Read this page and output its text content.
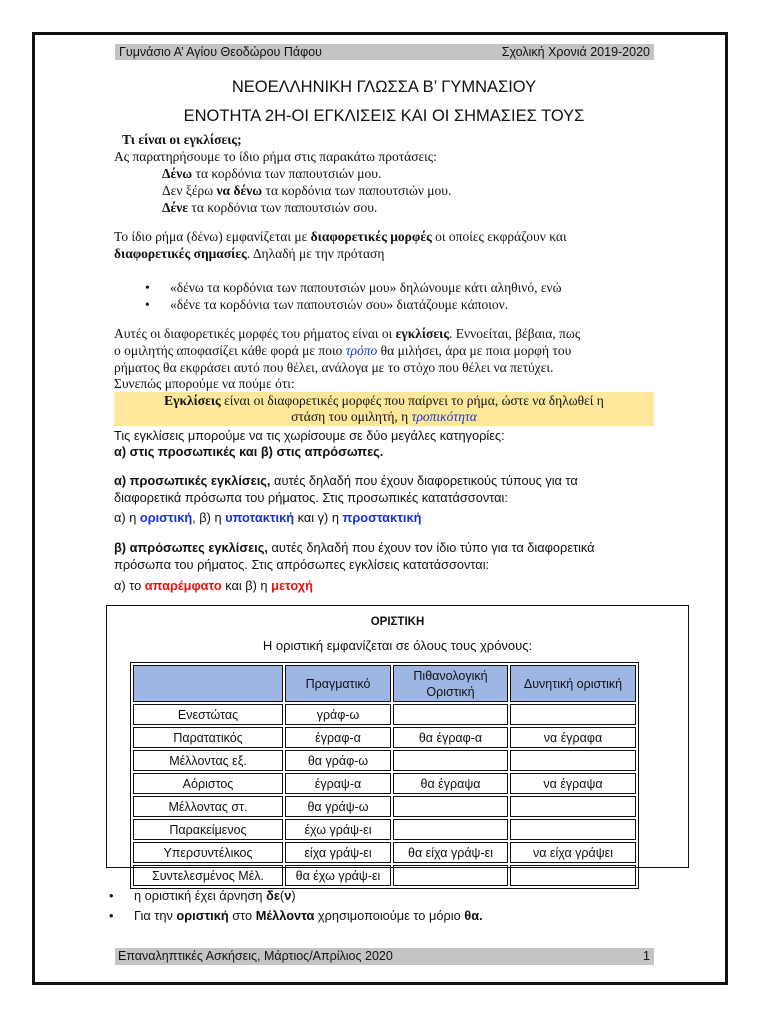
Γυμνάσιο Α’ Αγίου Θεοδώρου Πάφου	Σχολική Χρονιά 2019-2020
ΝΕΟΕΛΛΗΝΙΚΗ ΓΛΩΣΣΑ Β’ ΓΥΜΝΑΣΙΟΥ
ΕΝΟΤΗΤΑ 2Η-ΟΙ ΕΓΚΛΙΣΕΙΣ ΚΑΙ ΟΙ ΣΗΜΑΣΙΕΣ ΤΟΥΣ
Τι είναι οι εγκλίσεις;
Ας παρατηρήσουμε το ίδιο ρήμα στις παρακάτω προτάσεις:
Δένω τα κορδόνια των παπουτσιών μου.
Δεν ξέρω να δένω τα κορδόνια των παπουτσιών μου.
Δένε τα κορδόνια των παπουτσιών σου.
Το ίδιο ρήμα (δένω) εμφανίζεται με διαφορετικές μορφές οι οποίες εκφράζουν και
διαφορετικές σημασίες. Δηλαδή με την πρόταση
• «δένω τα κορδόνια των παπουτσιών μου» δηλώνουμε κάτι αληθινό, ενώ
• «δένε τα κορδόνια των παπουτσιών σου» διατάζουμε κάποιον.
Αυτές οι διαφορετικές μορφές του ρήματος είναι οι εγκλίσεις. Εννοείται, βέβαια, πως
ο ομιλητής αποφασίζει κάθε φορά με ποιο τρόπο θα μιλήσει, άρα με ποια μορφή του
ρήματος θα εκφράσει αυτό που θέλει, ανάλογα με το στόχο που θέλει να πετύχει.
Συνεπώς μπορούμε να πούμε ότι:
Εγκλίσεις είναι οι διαφορετικές μορφές που παίρνει το ρήμα, ώστε να δηλωθεί η
στάση του ομιλητή, η τροπικότητα
Τις εγκλίσεις μπορούμε να τις χωρίσουμε σε δύο μεγάλες κατηγορίες:
α) στις προσωπικές και β) στις απρόσωπες.
α) προσωπικές εγκλίσεις, αυτές δηλαδή που έχουν διαφορετικούς τύπους για τα
διαφορετικά πρόσωπα του ρήματος. Στις προσωπικές κατατάσσονται:
α) η οριστική, β) η υποτακτική και γ) η προστακτική
β) απρόσωπες εγκλίσεις, αυτές δηλαδή που έχουν τον ίδιο τύπο για τα διαφορετικά
πρόσωπα του ρήματος. Στις απρόσωπες εγκλίσεις κατατάσσονται:
α) το απαρέμφατο και β) η μετοχή
ΟΡΙΣΤΙΚΗ
Η οριστική εμφανίζεται σε όλους τους χρόνους:
	Πραγματικό	Πιθανολογική Οριστική	Δυνητική οριστική
Ενεστώτας	γράφ-ω		
Παρατατικός	έγραφ-α	θα έγραφ-α	να έγραφα
Μέλλοντας εξ.	θα γράφ-ω		
Αόριστος	έγραψ-α	θα έγραψα	να έγραψα
Μέλλοντας στ.	θα γράψ-ω		
Παρακείμενος	έχω γράψ-ει		
Υπερσυντέλικος	είχα γράψ-ει	θα είχα γράψ-ει	να είχα γράψει
Συντελεσμένος Μέλ.	θα έχω γράψ-ει		
• η οριστική έχει άρνηση δε(ν)
• Για την οριστική στο Μέλλοντα χρησιμοποιούμε το μόριο θα.
Επαναληπτικές Ασκήσεις, Μάρτιος/Απρίλιος 2020	1
